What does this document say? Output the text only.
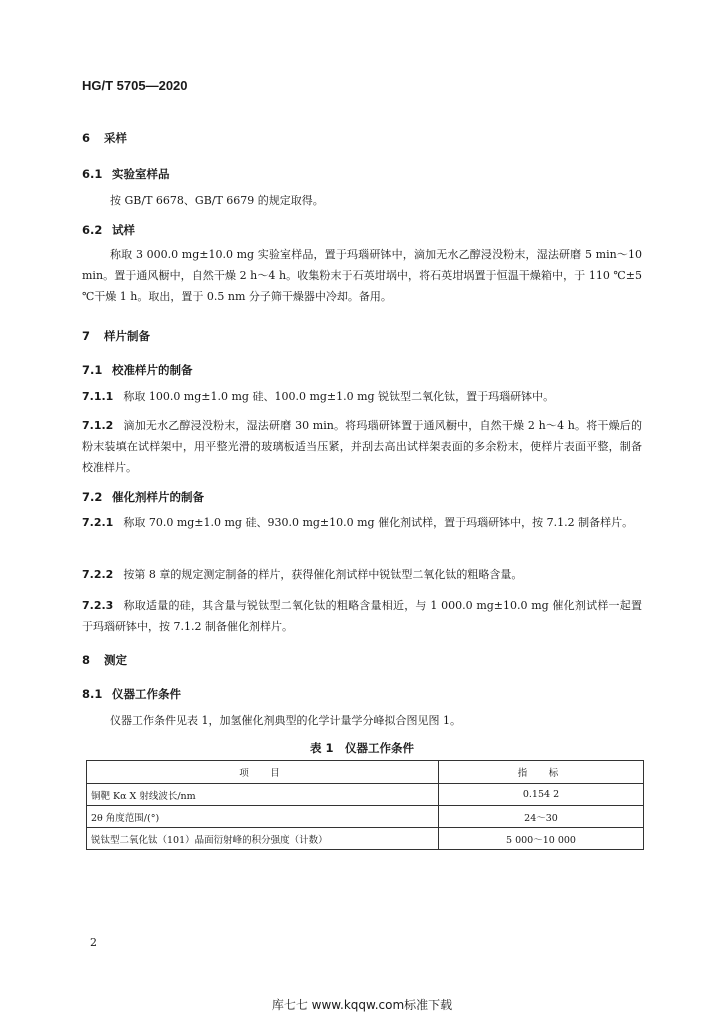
HG/T 5705—2020
6 采样
6.1 实验室样品
按 GB/T 6678、GB/T 6679 的规定取得。
6.2 试样
称取 3 000.0 mg±10.0 mg 实验室样品，置于玛瑙研钵中，滴加无水乙醇浸没粉末，湿法研磨 5 min～10 min。置于通风橱中，自然干燥 2 h～4 h。收集粉末于石英坩埚中，将石英坩埚置于恒温干燥箱中，于 110 ℃±5 ℃干燥 1 h。取出，置于 0.5 nm 分子筛干燥器中冷却。备用。
7 样片制备
7.1 校准样片的制备
7.1.1 称取 100.0 mg±1.0 mg 硅、100.0 mg±1.0 mg 锐钛型二氧化钛，置于玛瑙研钵中。
7.1.2 滴加无水乙醇浸没粉末，湿法研磨 30 min。将玛瑙研钵置于通风橱中，自然干燥 2 h～4 h。将干燥后的粉末装填在试样架中，用平整光滑的玻璃板适当压紧，并刮去高出试样架表面的多余粉末，使样片表面平整，制备校准样片。
7.2 催化剂样片的制备
7.2.1 称取 70.0 mg±1.0 mg 硅、930.0 mg±10.0 mg 催化剂试样，置于玛瑙研钵中，按 7.1.2 制备样片。
7.2.2 按第 8 章的规定测定制备的样片，获得催化剂试样中锐钛型二氧化钛的粗略含量。
7.2.3 称取适量的硅，其含量与锐钛型二氧化钛的粗略含量相近，与 1 000.0 mg±10.0 mg 催化剂试样一起置于玛瑙研钵中，按 7.1.2 制备催化剂样片。
8 测定
8.1 仪器工作条件
仪器工作条件见表 1，加氢催化剂典型的化学计量学分峰拟合图见图 1。
表 1　仪器工作条件
项　目	指　标
铜靶 Kα X 射线波长/nm	0.154 2
2θ 角度范围/(°)	24～30
锐钛型二氧化钛（101）晶面衍射峰的积分强度（计数）	5 000～10 000
2
库七七 www.kqqw.com标准下载
